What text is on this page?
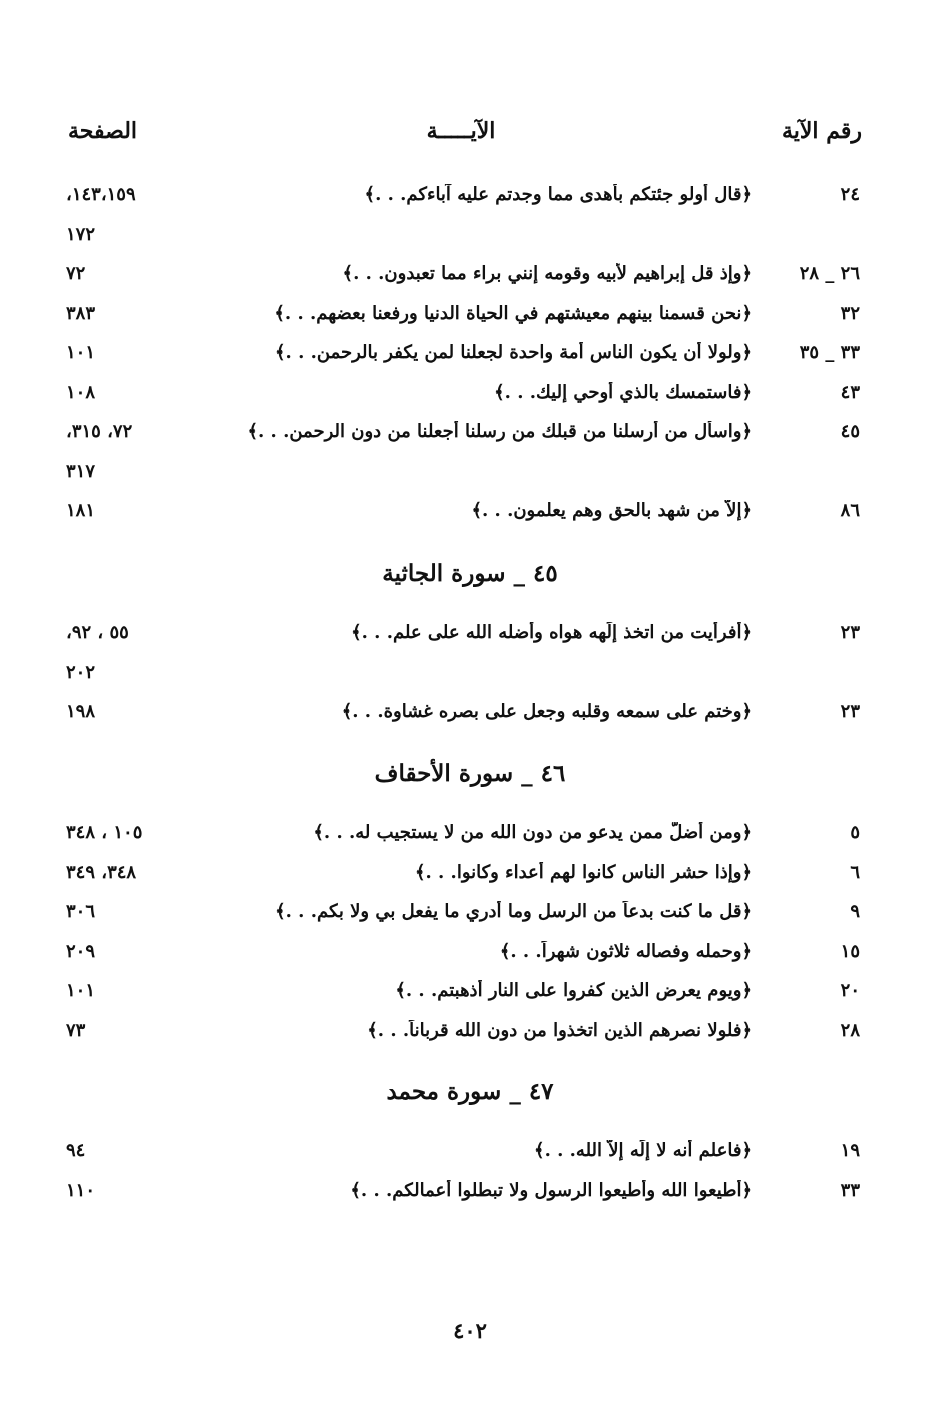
رقم الآية
الآيـــــة
الصفحة
٢٤
﴿قال أولو جئتكم بأهدى مما وجدتم عليه آباءكم. . .﴾
١٤٣،١٥٩،
١٧٢
٢٦ _ ٢٨
﴿وإذ قل إبراهيم لأبيه وقومه إنني براء مما تعبدون. . .﴾
٧٢
٣٢
﴿نحن قسمنا بينهم معيشتهم في الحياة الدنيا ورفعنا بعضهم. . .﴾
٣٨٣
٣٣ _ ٣٥
﴿ولولا أن يكون الناس أمة واحدة لجعلنا لمن يكفر بالرحمن. . .﴾
١٠١
٤٣
﴿فاستمسك بالذي أوحي إليك. . .﴾
١٠٨
٤٥
﴿واسأل من أرسلنا من قبلك من رسلنا أجعلنا من دون الرحمن. . .﴾
٧٢، ٣١٥،
٣١٧
٨٦
﴿إلاّ من شهد بالحق وهم يعلمون. . .﴾
١٨١
٤٥ _ سورة الجاثية
٢٣
﴿أفرأيت من اتخذ إلَهه هواه وأضله الله على علم. . .﴾
٥٥ ، ٩٢،
٢٠٢
٢٣
﴿وختم على سمعه وقلبه وجعل على بصره غشاوة. . .﴾
١٩٨
٤٦ _ سورة الأحقاف
٥
﴿ومن أضلّ ممن يدعو من دون الله من لا يستجيب له. . .﴾
١٠٥ ، ٣٤٨
٦
﴿وإذا حشر الناس كانوا لهم أعداء وكانوا. . .﴾
٣٤٨، ٣٤٩
٩
﴿قل ما كنت بدعاً من الرسل وما أدري ما يفعل بي ولا بكم. . .﴾
٣٠٦
١٥
﴿وحمله وفصاله ثلاثون شهراً. . .﴾
٢٠٩
٢٠
﴿ويوم يعرض الذين كفروا على النار أذهبتم. . .﴾
١٠١
٢٨
﴿فلولا نصرهم الذين اتخذوا من دون الله قرباناً. . .﴾
٧٣
٤٧ _ سورة محمد
١٩
﴿فاعلم أنه لا إلَه إلاّ الله. . .﴾
٩٤
٣٣
﴿أطيعوا الله وأطيعوا الرسول ولا تبطلوا أعمالكم. . .﴾
١١٠
٤٠٢
